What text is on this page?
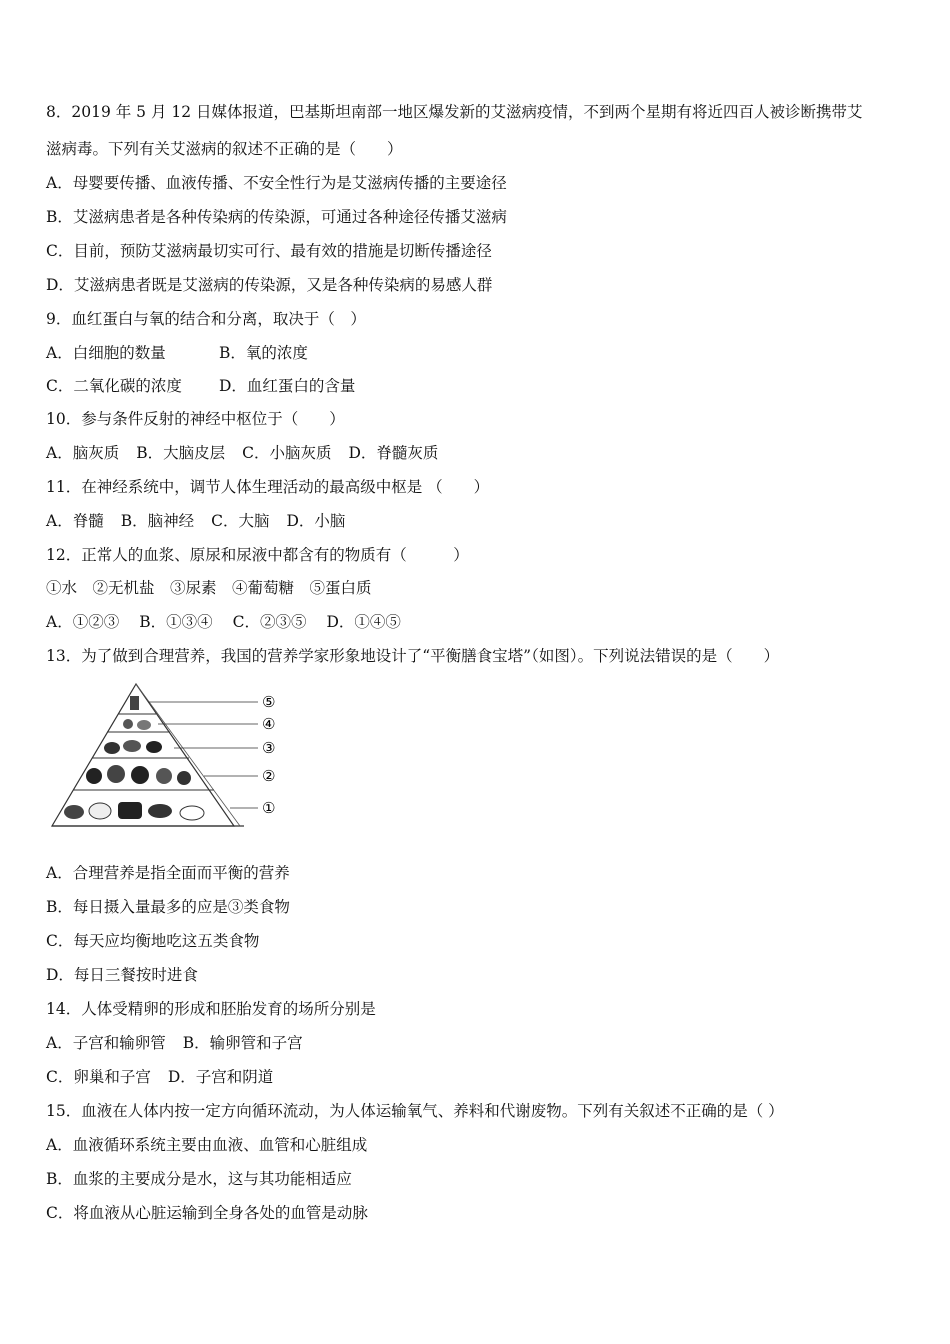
8．2019 年 5 月 12 日媒体报道，巴基斯坦南部一地区爆发新的艾滋病疫情，不到两个星期有将近四百人被诊断携带艾
滋病毒。下列有关艾滋病的叙述不正确的是（　　）
A．母婴要传播、血液传播、不安全性行为是艾滋病传播的主要途径
B．艾滋病患者是各种传染病的传染源，可通过各种途径传播艾滋病
C．目前，预防艾滋病最切实可行、最有效的措施是切断传播途径
D．艾滋病患者既是艾滋病的传染源，又是各种传染病的易感人群
9．血红蛋白与氧的结合和分离，取决于（　）
A．白细胞的数量	B．氧的浓度
C．二氧化碳的浓度	D．血红蛋白的含量
10．参与条件反射的神经中枢位于（　　）
A．脑灰质 B．大脑皮层 C．小脑灰质 D．脊髓灰质
11．在神经系统中，调节人体生理活动的最高级中枢是 （　　）
A．脊髓 B．脑神经 C．大脑 D．小脑
12．正常人的血浆、原尿和尿液中都含有的物质有（　　　）
①水　②无机盐　③尿素　④葡萄糖　⑤蛋白质
A．①②③ B．①③④ C．②③⑤ D．①④⑤
13．为了做到合理营养，我国的营养学家形象地设计了“平衡膳食宝塔”（如图）。下列说法错误的是（　　）
⑤
④
③
②
①
A．合理营养是指全面而平衡的营养
B．每日摄入量最多的应是③类食物
C．每天应均衡地吃这五类食物
D．每日三餐按时进食
14．人体受精卵的形成和胚胎发育的场所分别是
A．子宫和输卵管 B．输卵管和子宫
C．卵巢和子宫 D．子宫和阴道
15．血液在人体内按一定方向循环流动，为人体运输氧气、养料和代谢废物。下列有关叙述不正确的是（ ）
A．血液循环系统主要由血液、血管和心脏组成
B．血浆的主要成分是水，这与其功能相适应
C．将血液从心脏运输到全身各处的血管是动脉
